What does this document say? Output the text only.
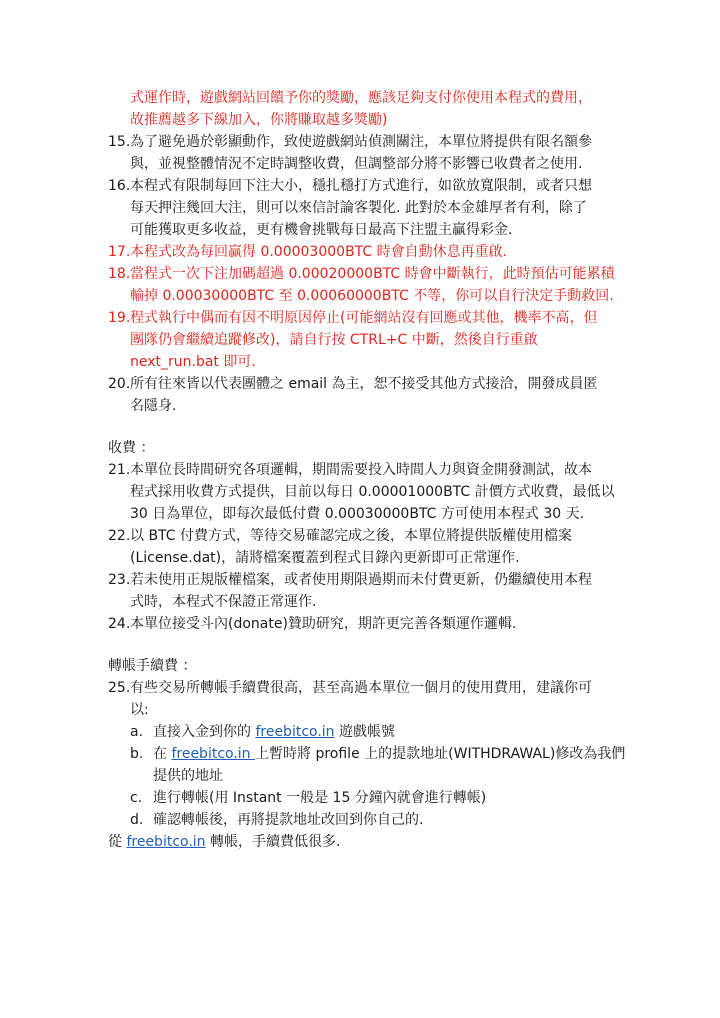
式運作時，遊戲網站回饋予你的獎勵，應該足夠支付你使用本程式的費用，
故推薦越多下線加入，你將賺取越多獎勵)
15. 為了避免過於彰顯動作，致使遊戲網站偵測關注，本單位將提供有限名額參
與，並視整體情況不定時調整收費，但調整部分將不影響已收費者之使用.
16. 本程式有限制每回下注大小，穩扎穩打方式進行，如欲放寬限制，或者只想
每天押注幾回大注，則可以來信討論客製化. 此對於本金雄厚者有利，除了
可能獲取更多收益，更有機會挑戰每日最高下注盟主贏得彩金.
17. 本程式改為每回贏得 0.00003000BTC 時會自動休息再重啟.
18. 當程式一次下注加碼超過 0.00020000BTC 時會中斷執行，此時預估可能累積
輸掉 0.00030000BTC 至 0.00060000BTC 不等，你可以自行決定手動救回.
19. 程式執行中偶而有因不明原因停止(可能網站沒有回應或其他，機率不高，但
團隊仍會繼續追蹤修改)，請自行按 CTRL+C 中斷，然後自行重啟
next_run.bat 即可.
20. 所有往來皆以代表團體之 email 為主，恕不接受其他方式接洽，開發成員匿
名隱身.
收費 ：
21. 本單位長時間研究各項邏輯，期間需要投入時間人力與資金開發測試，故本
程式採用收費方式提供，目前以每日 0.00001000BTC 計價方式收費，最低以
30 日為單位，即每次最低付費 0.00030000BTC 方可使用本程式 30 天.
22. 以 BTC 付費方式，等待交易確認完成之後，本單位將提供版權使用檔案
(License.dat)，請將檔案覆蓋到程式目錄內更新即可正常運作.
23. 若未使用正規版權檔案，或者使用期限過期而未付費更新，仍繼續使用本程
式時，本程式不保證正常運作.
24. 本單位接受斗內(donate)贊助研究，期許更完善各類運作邏輯.
轉帳手續費 ：
25. 有些交易所轉帳手續費很高，甚至高過本單位一個月的使用費用，建議你可
以:
a. 直接入金到你的 freebitco.in 遊戲帳號
b. 在 freebitco.in 上暫時將 profile 上的提款地址(WITHDRAWAL)修改為我們
提供的地址
c. 進行轉帳(用 Instant 一般是 15 分鐘內就會進行轉帳)
d. 確認轉帳後，再將提款地址改回到你自己的.
從 freebitco.in 轉帳，手續費低很多.
